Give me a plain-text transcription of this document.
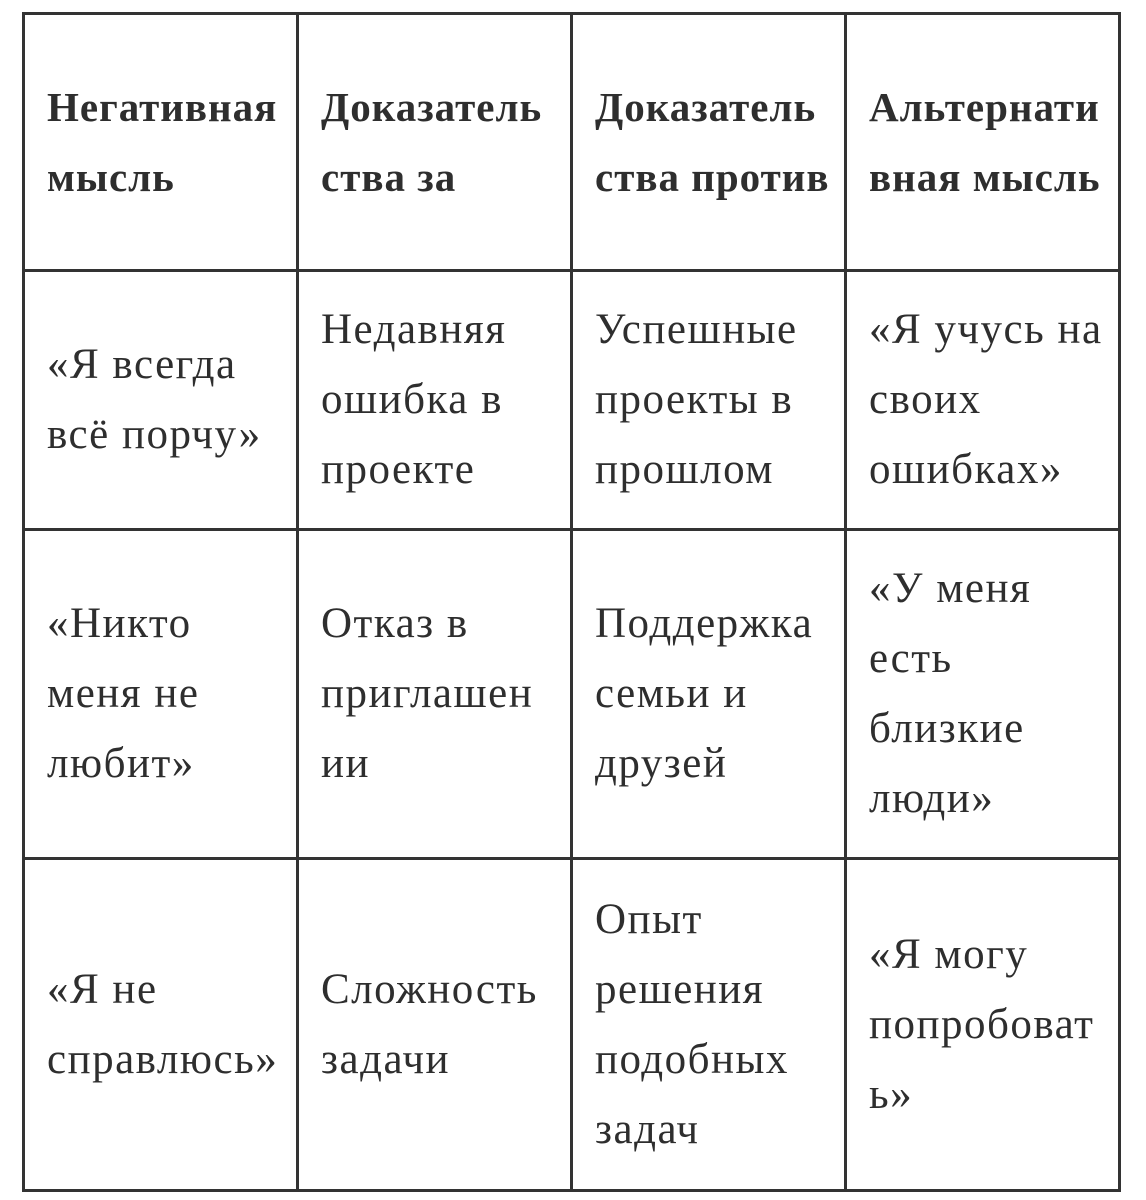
Негативная мысль	Доказательства за	Доказательства против	Альтернативная мысль
«Я всегда всё порчу»	Недавняя ошибка в проекте	Успешные проекты в прошлом	«Я учусь на своих ошибках»
«Никто меня не любит»	Отказ в приглашении	Поддержка семьи и друзей	«У меня есть близкие люди»
«Я не справлюсь»	Сложность задачи	Опыт решения подобных задач	«Я могу попробовать»
